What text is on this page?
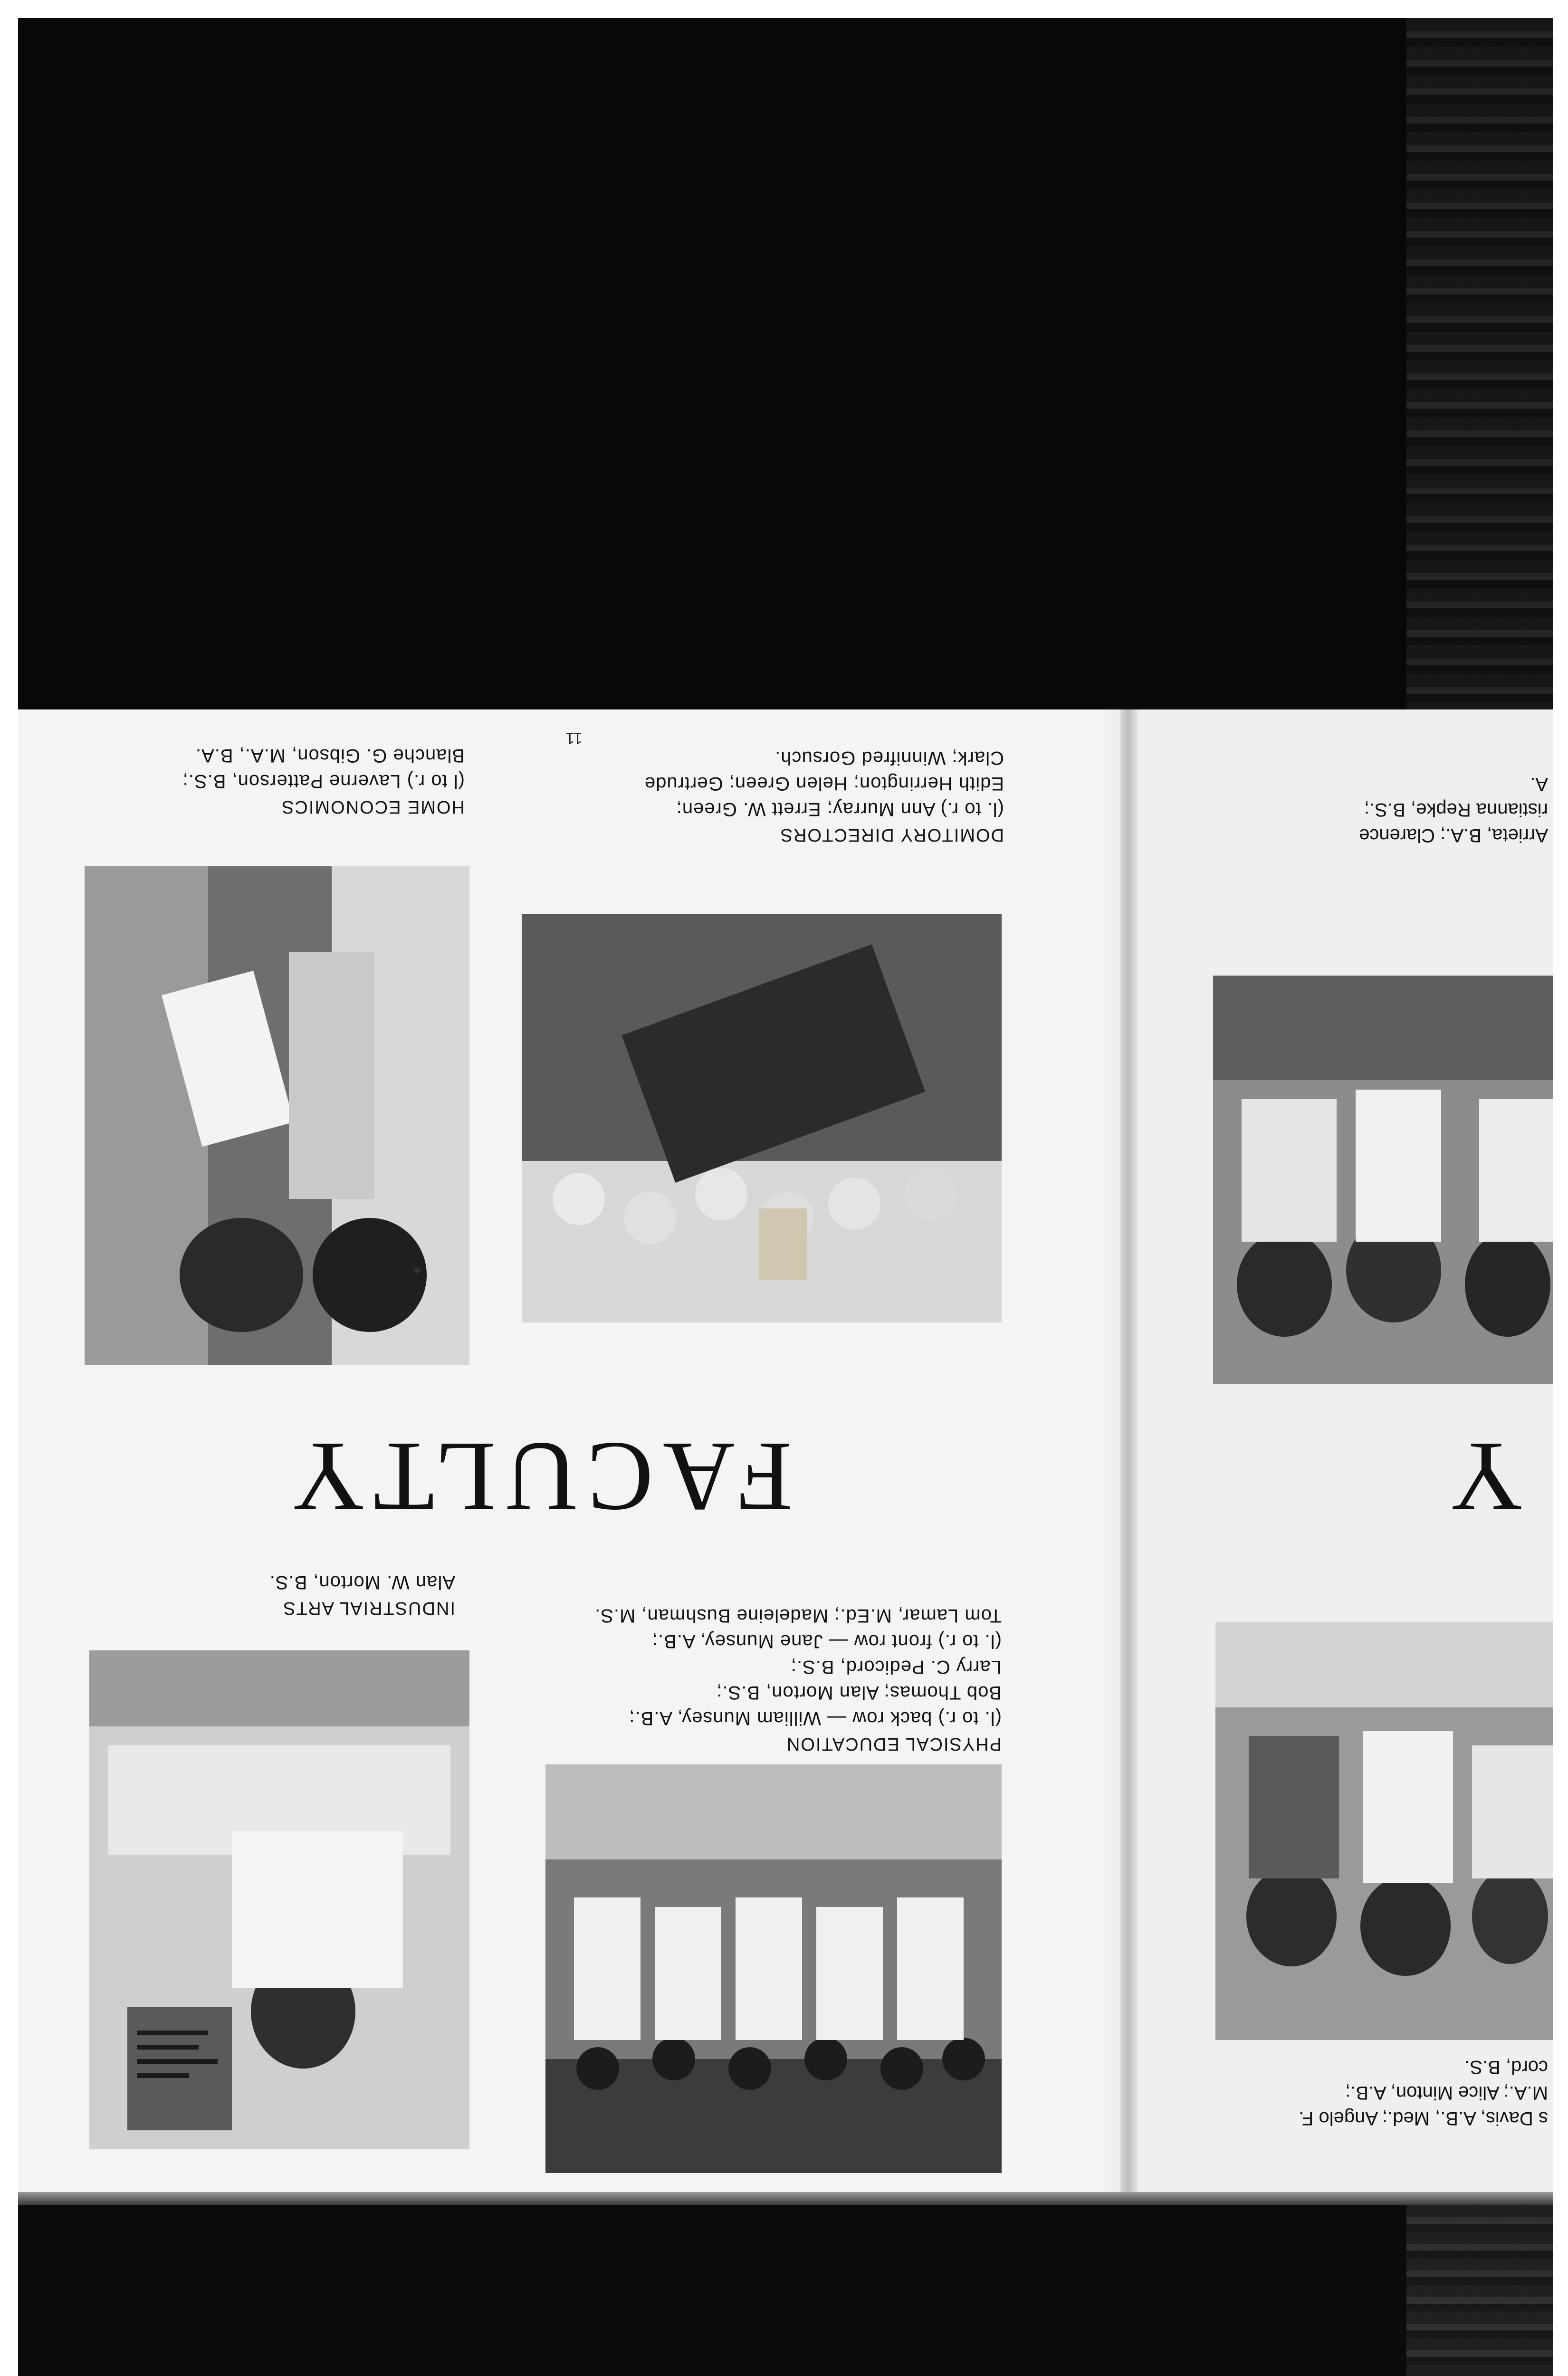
11
HOME ECONOMICS
(l to r.) Laverne Patterson, B.S.;
Blanche G. Gibson, M.A., B.A.
DOMITORY DIRECTORS
(l. to r.) Ann Murray; Errett W. Green;
Edith Herrington; Helen Green; Gertrude
Clark; Winnifred Gorsuch.
FACULTY
INDUSTRIAL ARTS
Alan W. Morton, B.S.
PHYSICAL EDUCATION
(l. to r.) back row — William Munsey, A.B.;
Bob Thomas; Alan Morton, B.S.;
Larry C. Pedicord, B.S.;
(l. to r.) front row — Jane Munsey, A.B.;
Tom Lamar, M.Ed.; Madeleine Bushman, M.S.
Arrieta, B.A.; Clarence
ristianna Repke, B.S.;
A.
Y
s Davis, A.B., Med.; Angelo F.
M.A.; Alice Minton, A.B.;
cord, B.S.
